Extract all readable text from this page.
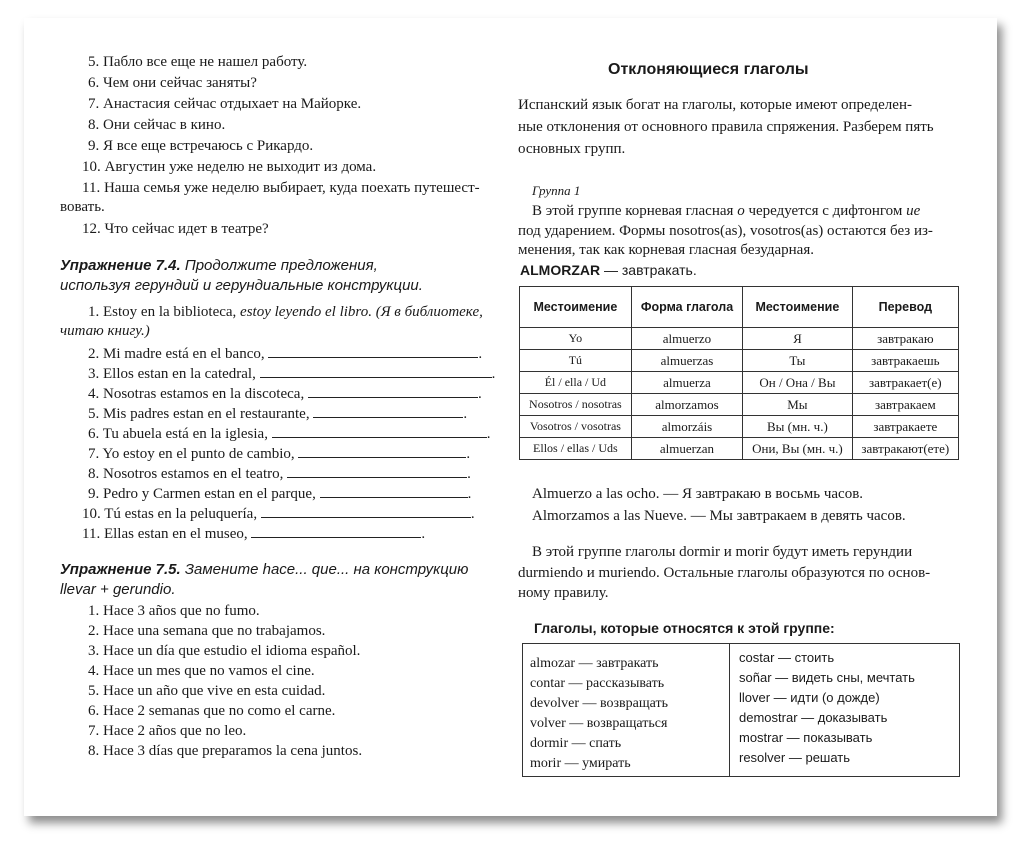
5. Пабло все еще не нашел работу.
6. Чем они сейчас заняты?
7. Анастасия сейчас отдыхает на Майорке.
8. Они сейчас в кино.
9. Я все еще встречаюсь с Рикардо.
10. Августин уже неделю не выходит из дома.
11. Наша семья уже неделю выбирает, куда поехать путешест-
вовать.
12. Что сейчас идет в театре?
Упражнение 7.4. Продолжите предложения,
используя герундий и герундиальные конструкции.
1. Estoy en la biblioteca, estoy leyendo el libro. (Я в библиотеке,
читаю книгу.)
2. Mi madre está en el banco,	.
3. Ellos estan en la catedral,	.
4. Nosotras estamos en la discoteca,	.
5. Mis padres estan en el restaurante,	.
6. Tu abuela está en la iglesia,	.
7. Yo estoy en el punto de cambio,	.
8. Nosotros estamos en el teatro,	.
9. Pedro y Carmen estan en el parque,	.
10. Tú estas en la peluquería,	.
11. Ellas estan en el museo,	.
Упражнение 7.5. Замените hace... que... на конструкцию
llevar + gerundio.
1. Hace 3 años que no fumo.
2. Hace una semana que no trabajamos.
3. Hace un día que estudio el idioma español.
4. Hace un mes que no vamos el cine.
5. Hace un año que vive en esta cuidad.
6. Hace 2 semanas que no como el carne.
7. Hace 2 años que no leo.
8. Hace 3 días que preparamos la cena juntos.
Отклоняющиеся глаголы
Испанский язык богат на глаголы, которые имеют определен-
ные отклонения от основного правила спряжения. Разберем пять
основных групп.
Группа 1
В этой группе корневая гласная o чередуется с дифтонгом ие
под ударением. Формы nosotros(as), vosotros(as) остаются без из-
менения, так как корневая гласная безударная.
ALMORZAR — завтракать.
Местоимение	Форма глагола	Местоимение	Перевод
Yo	almuerzo	Я	завтракаю
Tú	almuerzas	Ты	завтракаешь
Él / ella / Ud	almuerza	Он / Она / Вы	завтракает(е)
Nosotros / nosotras	almorzamos	Мы	завтракаем
Vosotros / vosotras	almorzáis	Вы (мн. ч.)	завтракаете
Ellos / ellas / Uds	almuerzan	Они, Вы (мн. ч.)	завтракают(ете)
Almuerzo a las ocho. — Я завтракаю в восьмь часов.
Almorzamos a las Nueve. — Мы завтракаем в девять часов.
В этой группе глаголы dormir и morir будут иметь герундии
durmiendo и muriendo. Остальные глаголы образуются по основ-
ному правилу.
Глаголы, которые относятся к этой группе:
almozar — завтракать
contar — рассказывать
devolver — возвращать
volver — возвращаться
dormir — спать
morir — умирать
costar — стоить
soñar — видеть сны, мечтать
llover — идти (о дожде)
demostrar — доказывать
mostrar — показывать
resolver — решать
